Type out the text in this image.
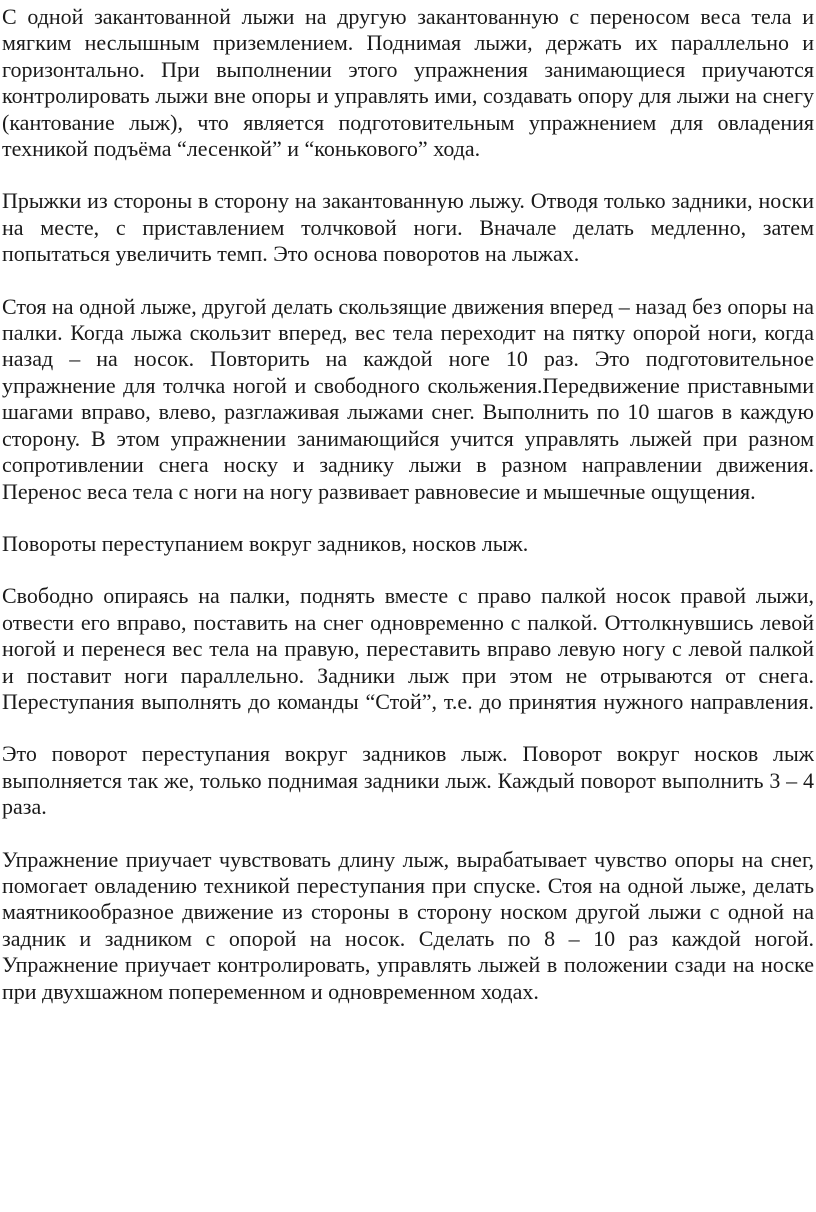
С одной закантованной лыжи на другую закантованную с переносом веса тела и мягким неслышным приземлением. Поднимая лыжи, держать их параллельно и горизонтально. При выполнении этого упражнения занимающиеся приучаются контролировать лыжи вне опоры и управлять ими, создавать опору для лыжи на снегу (кантование лыж), что является подготовительным упражнением для овладения техникой подъёма “лесенкой” и “конькового” хода.

Прыжки из стороны в сторону на закантованную лыжу. Отводя только задники, носки на месте, с приставлением толчковой ноги. Вначале делать медленно, затем попытаться увеличить темп. Это основа поворотов на лыжах.

Стоя на одной лыже, другой делать скользящие движения вперед – назад без опоры на палки. Когда лыжа скользит вперед, вес тела переходит на пятку опорой ноги, когда назад – на носок. Повторить на каждой ноге 10 раз. Это подготовительное упражнение для толчка ногой и свободного скольжения.Передвижение приставными шагами вправо, влево, разглаживая лыжами снег. Выполнить по 10 шагов в каждую сторону. В этом упражнении занимающийся учится управлять лыжей при разном сопротивлении снега носку и заднику лыжи в разном направлении движения. Перенос веса тела с ноги на ногу развивает равновесие и мышечные ощущения.

Повороты переступанием вокруг задников, носков лыж.

Свободно опираясь на палки, поднять вместе с право палкой носок правой лыжи, отвести его вправо, поставить на снег одновременно с палкой. Оттолкнувшись левой ногой и перенеся вес тела на правую, переставить вправо левую ногу с левой палкой и поставит ноги параллельно. Задники лыж при этом не отрываются от снега. Переступания выполнять до команды “Стой”, т.е. до принятия нужного направления.

Это поворот переступания вокруг задников лыж. Поворот вокруг носков лыж выполняется так же, только поднимая задники лыж. Каждый поворот выполнить 3 – 4 раза.

Упражнение приучает чувствовать длину лыж, вырабатывает чувство опоры на снег, помогает овладению техникой переступания при спуске. Стоя на одной лыже, делать маятникообразное движение из стороны в сторону носком другой лыжи с одной на задник и задником с опорой на носок. Сделать по 8 – 10 раз каждой ногой. Упражнение приучает контролировать, управлять лыжей в положении сзади на носке при двухшажном попеременном и одновременном ходах.
